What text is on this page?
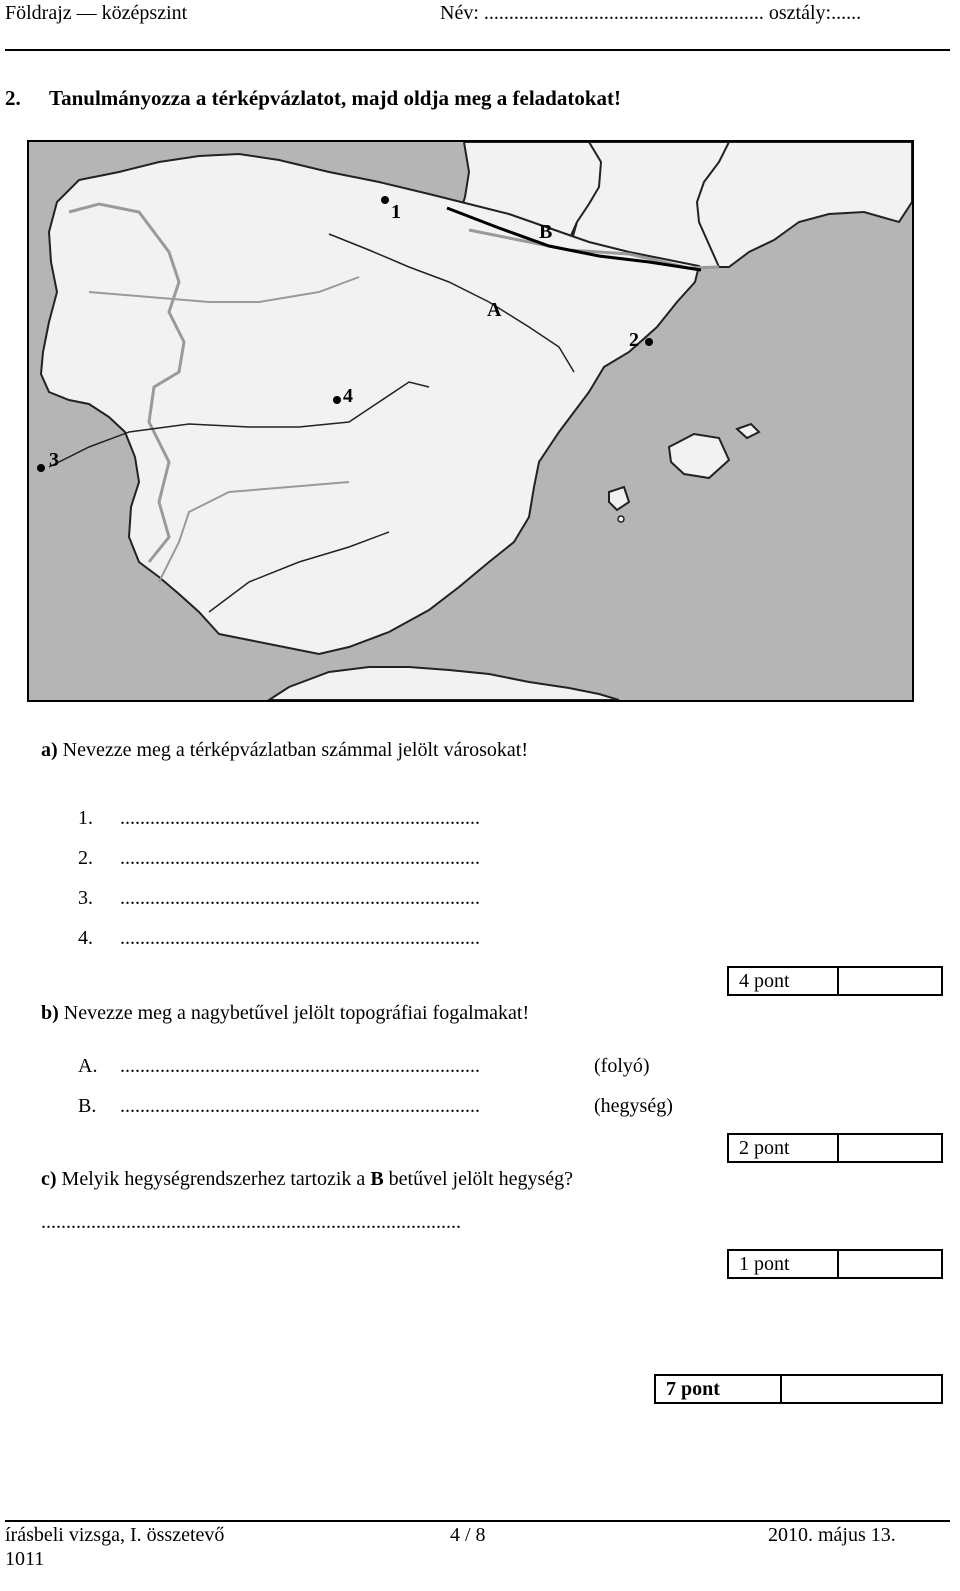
Földrajz — középszint	Név: ........................................................ osztály:......
2. Tanulmányozza a térképvázlatot, majd oldja meg a feladatokat!
1
2
3
4
A
B
a) Nevezze meg a térképvázlatban számmal jelölt városokat!
1. ........................................................................
2. ........................................................................
3. ........................................................................
4. ........................................................................
4 pont
b) Nevezze meg a nagybetűvel jelölt topográfiai fogalmakat!
A. ........................................................................	(folyó)
B. ........................................................................	(hegység)
2 pont
c) Melyik hegységrendszerhez tartozik a B betűvel jelölt hegység?
....................................................................................
1 pont
7 pont
írásbeli vizsga, I. összetevő	4 / 8	2010. május 13.
1011
